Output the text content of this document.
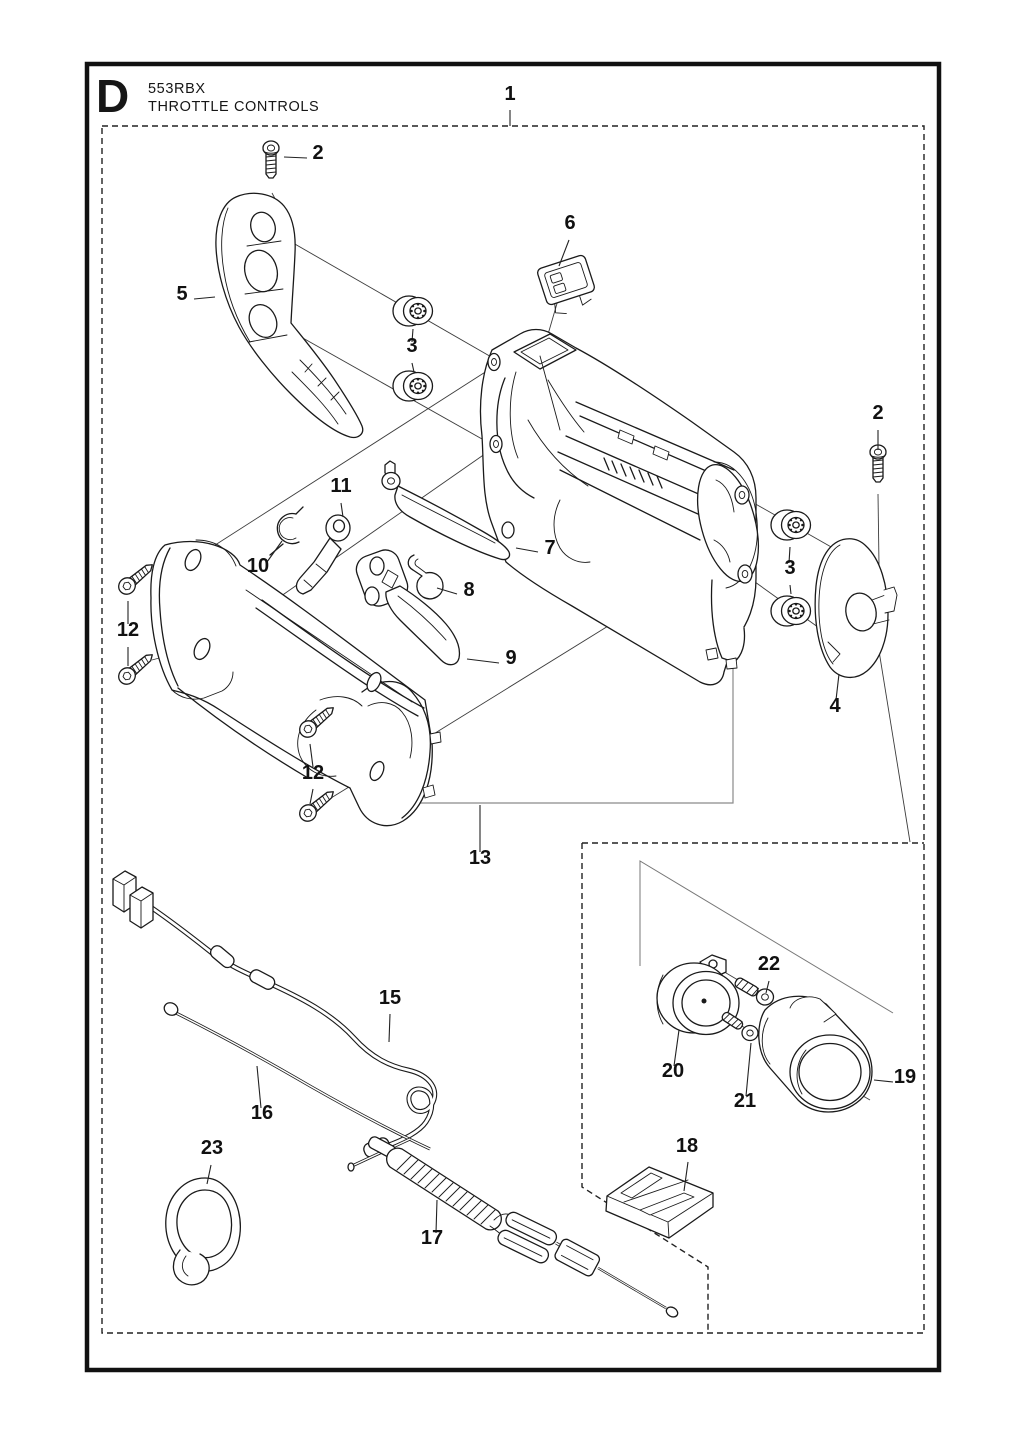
D 553RBX
THROTTLE CONTROLS
1
2
5
3
6
2
3
4
11
10
7
8
9
12
12
13
15
16
23
17
18
20
21
22
19
